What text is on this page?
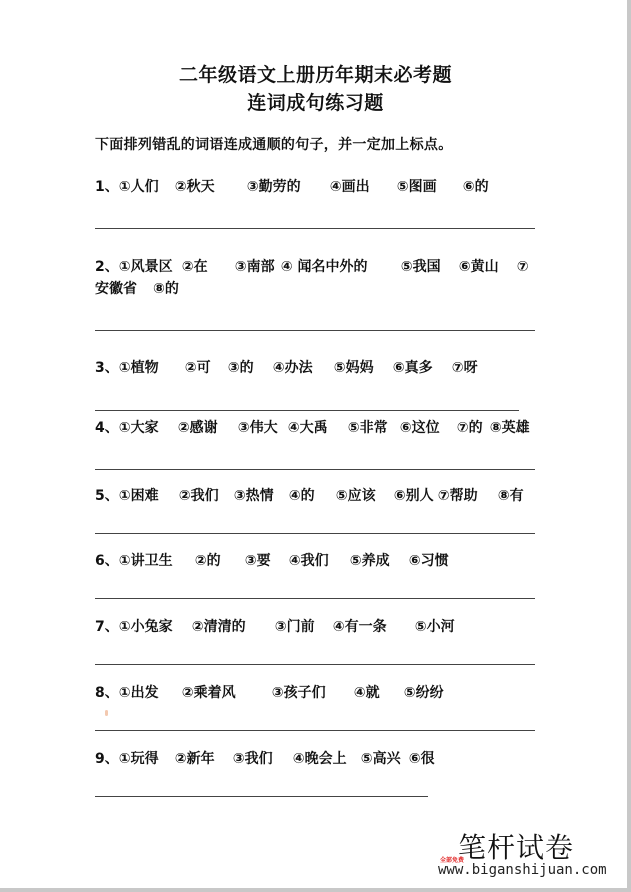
二年级语文上册历年期末必考题
连词成句练习题
下面排列错乱的词语连成通顺的句子，并一定加上标点。
1、①人们 ②秋天 ③勤劳的 ④画出 ⑤图画 ⑥的
2、①风景区 ②在 ③南部 ④ 闻名中外的 ⑤我国 ⑥黄山 ⑦
安徽省 ⑧的
3、①植物 ②可 ③的 ④办法 ⑤妈妈 ⑥真多 ⑦呀
4、①大家 ②感谢 ③伟大 ④大禹 ⑤非常 ⑥这位 ⑦的 ⑧英雄
5、①困难 ②我们 ③热情 ④的 ⑤应该 ⑥别人 ⑦帮助 ⑧有
6、①讲卫生 ②的 ③要 ④我们 ⑤养成 ⑥习惯
7、①小兔家 ②清清的 ③门前 ④有一条 ⑤小河
8、①出发 ②乘着风	③孩子们 ④就 ⑤纷纷
9、①玩得 ②新年 ③我们 ④晚会上 ⑤高兴 ⑥很
笔杆试卷
全部免费
www.biganshijuan.com
